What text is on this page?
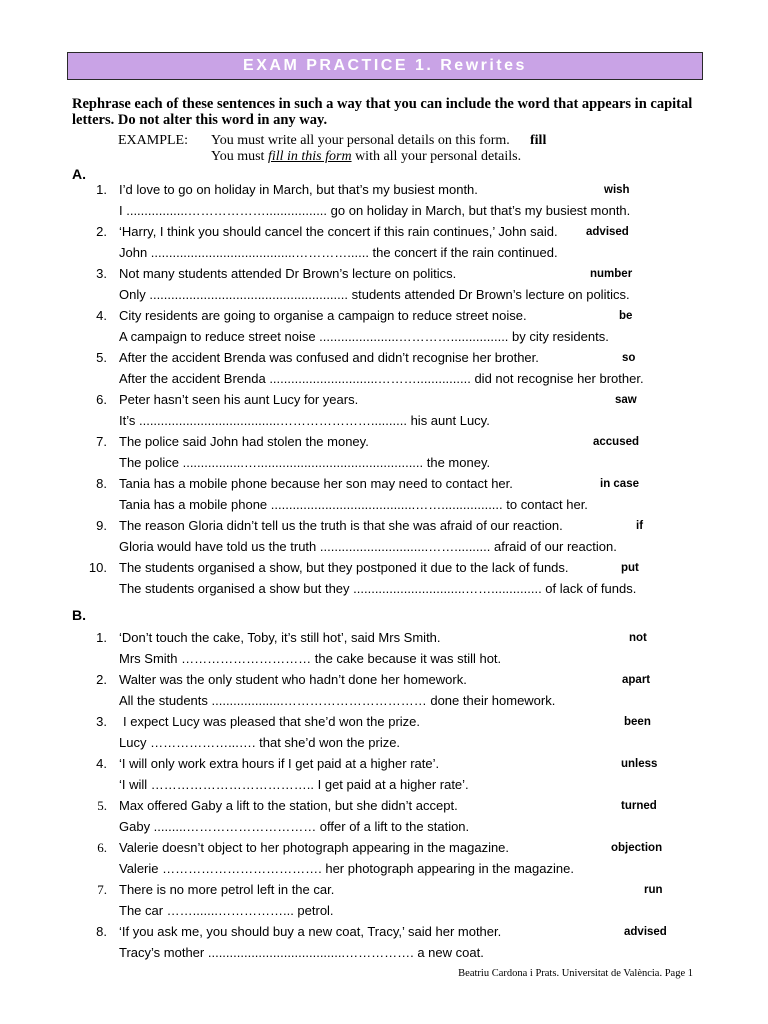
EXAM PRACTICE 1. Rewrites
Rephrase each of these sentences in such a way that you can include the word that appears in capital letters. Do not alter this word in any way.
EXAMPLE: You must write all your personal details on this form. fill
You must fill in this form with all your personal details.
A.
1. I’d love to go on holiday in March, but that’s my busiest month.	wish
I .................………………................. go on holiday in March, but that’s my busiest month.
2. ‘Harry, I think you should cancel the concert if this rain continues,’ John said. advised
John ........................................…………...... the concert if the rain continued.
3. Not many students attended Dr Brown’s lecture on politics.	number
Only ....................................................... students attended Dr Brown’s lecture on politics.
4. City residents are going to organise a campaign to reduce street noise.	be
A campaign to reduce street noise ......................…………................ by city residents.
5. After the accident Brenda was confused and didn’t recognise her brother.	so
After the accident Brenda ..............................………............... did not recognise her brother.
6. Peter hasn’t seen his aunt Lucy for years.	saw
It’s .......................................………………….......... his aunt Lucy.
7. The police said John had stolen the money.	accused
The police .................….............................................. the money.
8. Tania has a mobile phone because her son may need to contact her.	in case
Tania has a mobile phone ........................................……................. to contact her.
9. The reason Gloria didn’t tell us the truth is that she was afraid of our reaction.	if
Gloria would have told us the truth ..............................…….......... afraid of our reaction.
10. The students organised a show, but they postponed it due to the lack of funds.	put
The students organised a show but they ...............................…….............. of lack of funds.
B.
1. ‘Don’t touch the cake, Toby, it’s still hot’, said Mrs Smith.	not
Mrs Smith ………………………… the cake because it was still hot.
2. Walter was the only student who hadn’t done her homework.	apart
All the students ....................…………………………… done their homework.
3. I expect Lucy was pleased that she’d won the prize.	been
Lucy ………………...…. that she’d won the prize.
4. ‘I will only work extra hours if I get paid at a higher rate’.	unless
‘I will ……………………………….. I get paid at a higher rate’.
5. Max offered Gaby a lift to the station, but she didn’t accept.	turned
Gaby .........………………………… offer of a lift to the station.
6. Valerie doesn’t object to her photograph appearing in the magazine.	objection
Valerie ………………………………. her photograph appearing in the magazine.
7. There is no more petrol left in the car.	run
The car …….......……………... petrol.
8. ‘If you ask me, you should buy a new coat, Tracy,’ said her mother.	advised
Tracy’s mother ......................................……………. a new coat.
Beatriu Cardona i Prats. Universitat de València. Page 1
